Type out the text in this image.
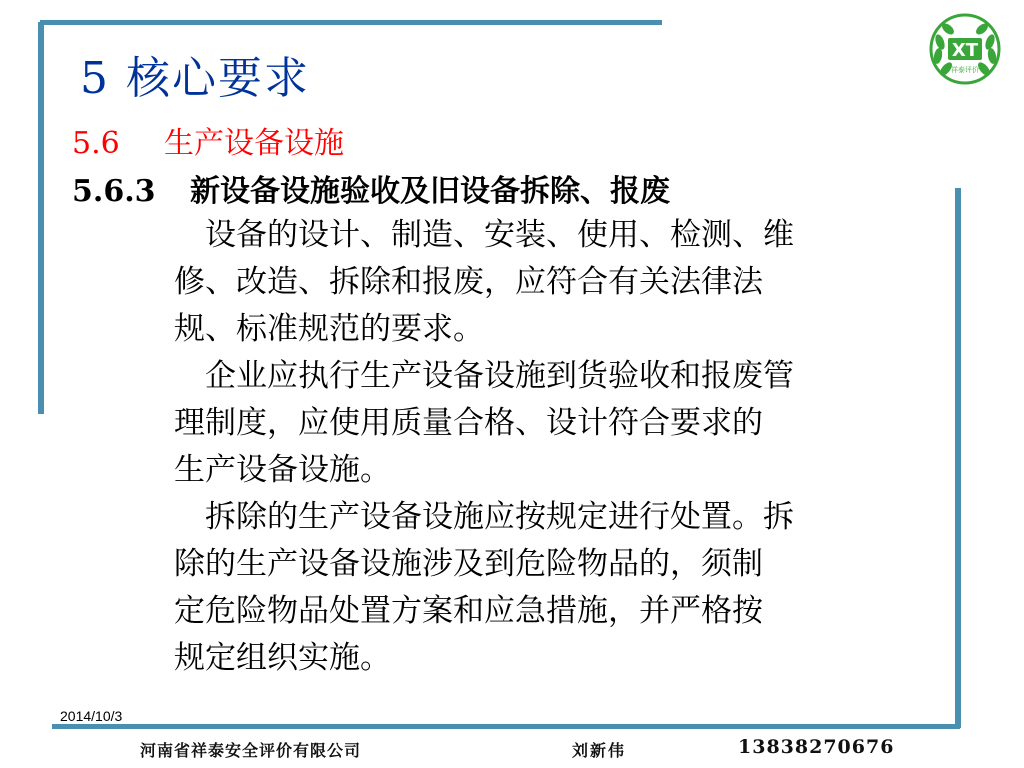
XT
祥泰评价
5 核心要求
5.6 生产设备设施
5.6.3 新设备设施验收及旧设备拆除、报废
　设备的设计、制造、安装、使用、检测、维
修、改造、拆除和报废，应符合有关法律法
规、标准规范的要求。
　企业应执行生产设备设施到货验收和报废管
理制度，应使用质量合格、设计符合要求的
生产设备设施。
　拆除的生产设备设施应按规定进行处置。拆
除的生产设备设施涉及到危险物品的，须制
定危险物品处置方案和应急措施，并严格按
规定组织实施。
2014/10/3
河南省祥泰安全评价有限公司	刘新伟	13838270676
